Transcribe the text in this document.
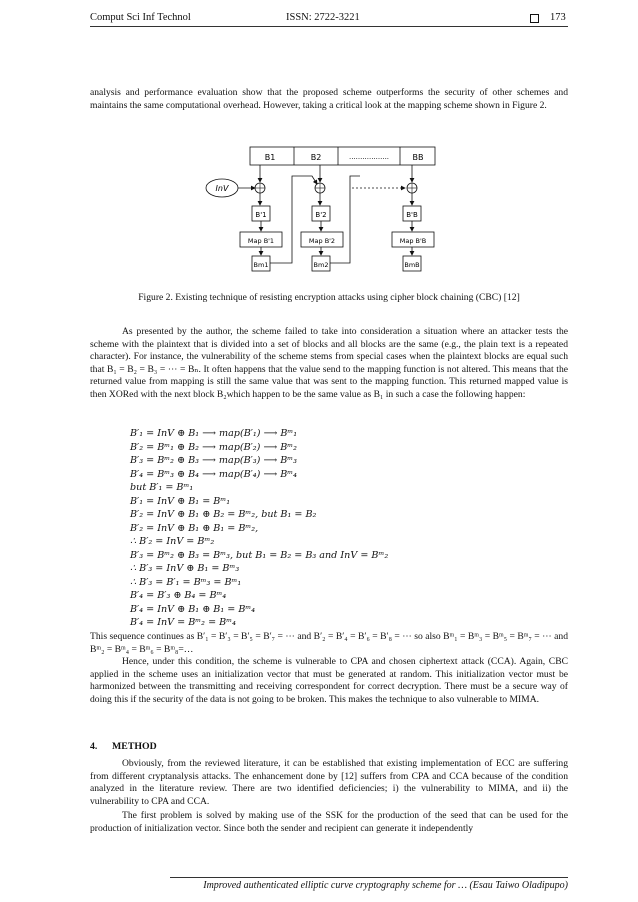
Comput Sci Inf Technol	ISSN: 2722-3221	173

analysis and performance evaluation show that the proposed scheme outperforms the security of other schemes and maintains the same computational overhead. However, taking a critical look at the mapping scheme shown in Figure 2.

B1	B2	..................	BB
InV
B'1	B'2	B'B
Map B'1	Map B'2	Map B'B
Bm1	Bm2	BmB

Figure 2. Existing technique of resisting encryption attacks using cipher block chaining (CBC) [12]

As presented by the author, the scheme failed to take into consideration a situation where an attacker tests the scheme with the plaintext that is divided into a set of blocks and all blocks are the same (e.g., the plain text is a repeated character). For instance, the vulnerability of the scheme stems from special cases when the plaintext blocks are equal such that B₁ = B₂ = B₃ = ⋯ = Bₙ. It often happens that the value send to the mapping function is not altered. This means that the returned value from mapping is still the same value that was sent to the mapping function. This returned mapped value is then XORed with the next block B₂which happen to be the same value as B₁ in such a case the following happen:

B′₁ = InV ⊕ B₁ ⟶ map(B′₁) ⟶ Bᵐ₁
B′₂ = Bᵐ₁ ⊕ B₂ ⟶ map(B′₂) ⟶ Bᵐ₂
B′₃ = Bᵐ₂ ⊕ B₃ ⟶ map(B′₃) ⟶ Bᵐ₃
B′₄ = Bᵐ₃ ⊕ B₄ ⟶ map(B′₄) ⟶ Bᵐ₄
but B′₁ = Bᵐ₁
B′₁ = InV ⊕ B₁ = Bᵐ₁
B′₂ = InV ⊕ B₁ ⊕ B₂ = Bᵐ₂, but B₁ = B₂
B′₂ = InV ⊕ B₁ ⊕ B₁ = Bᵐ₂,
∴ B′₂ = InV = Bᵐ₂
B′₃ = Bᵐ₂ ⊕ B₃ = Bᵐ₃, but B₁ = B₂ = B₃ and InV = Bᵐ₂
∴ B′₃ = InV ⊕ B₁ = Bᵐ₃
∴ B′₃ = B′₁ = Bᵐ₃ = Bᵐ₁
B′₄ = B′₃ ⊕ B₄ = Bᵐ₄
B′₄ = InV ⊕ B₁ ⊕ B₁ = Bᵐ₄
B′₄ = InV = Bᵐ₂ = Bᵐ₄

This sequence continues as B′₁ = B′₃ = B′₅ = B′₇ = ⋯ and B′₂ = B′₄ = B′₆ = B′₈ = ⋯ so also Bᵐ₁ = Bᵐ₃ = Bᵐ₅ = Bᵐ₇ = ⋯ and Bᵐ₂ = Bᵐ₄ = Bᵐ₆ = Bᵐ₈=…

Hence, under this condition, the scheme is vulnerable to CPA and chosen ciphertext attack (CCA). Again, CBC applied in the scheme uses an initialization vector that must be generated at random. This initialization vector must be harmonized between the transmitting and receiving correspondent for correct decryption. There must be a secure way of doing this if the security of the data is not going to be broken. This makes the technique to also vulnerable to MIMA.

4.      METHOD

Obviously, from the reviewed literature, it can be established that existing implementation of ECC are suffering from different cryptanalysis attacks. The enhancement done by [12] suffers from CPA and CCA because of the condition analyzed in the literature review. There are two identified deficiencies; i) the vulnerability to MIMA, and ii) the vulnerability to CPA and CCA.

The first problem is solved by making use of the SSK for the production of the seed that can be used for the production of initialization vector. Since both the sender and recipient can generate it independently

Improved authenticated elliptic curve cryptography scheme for … (Esau Taiwo Oladipupo)
